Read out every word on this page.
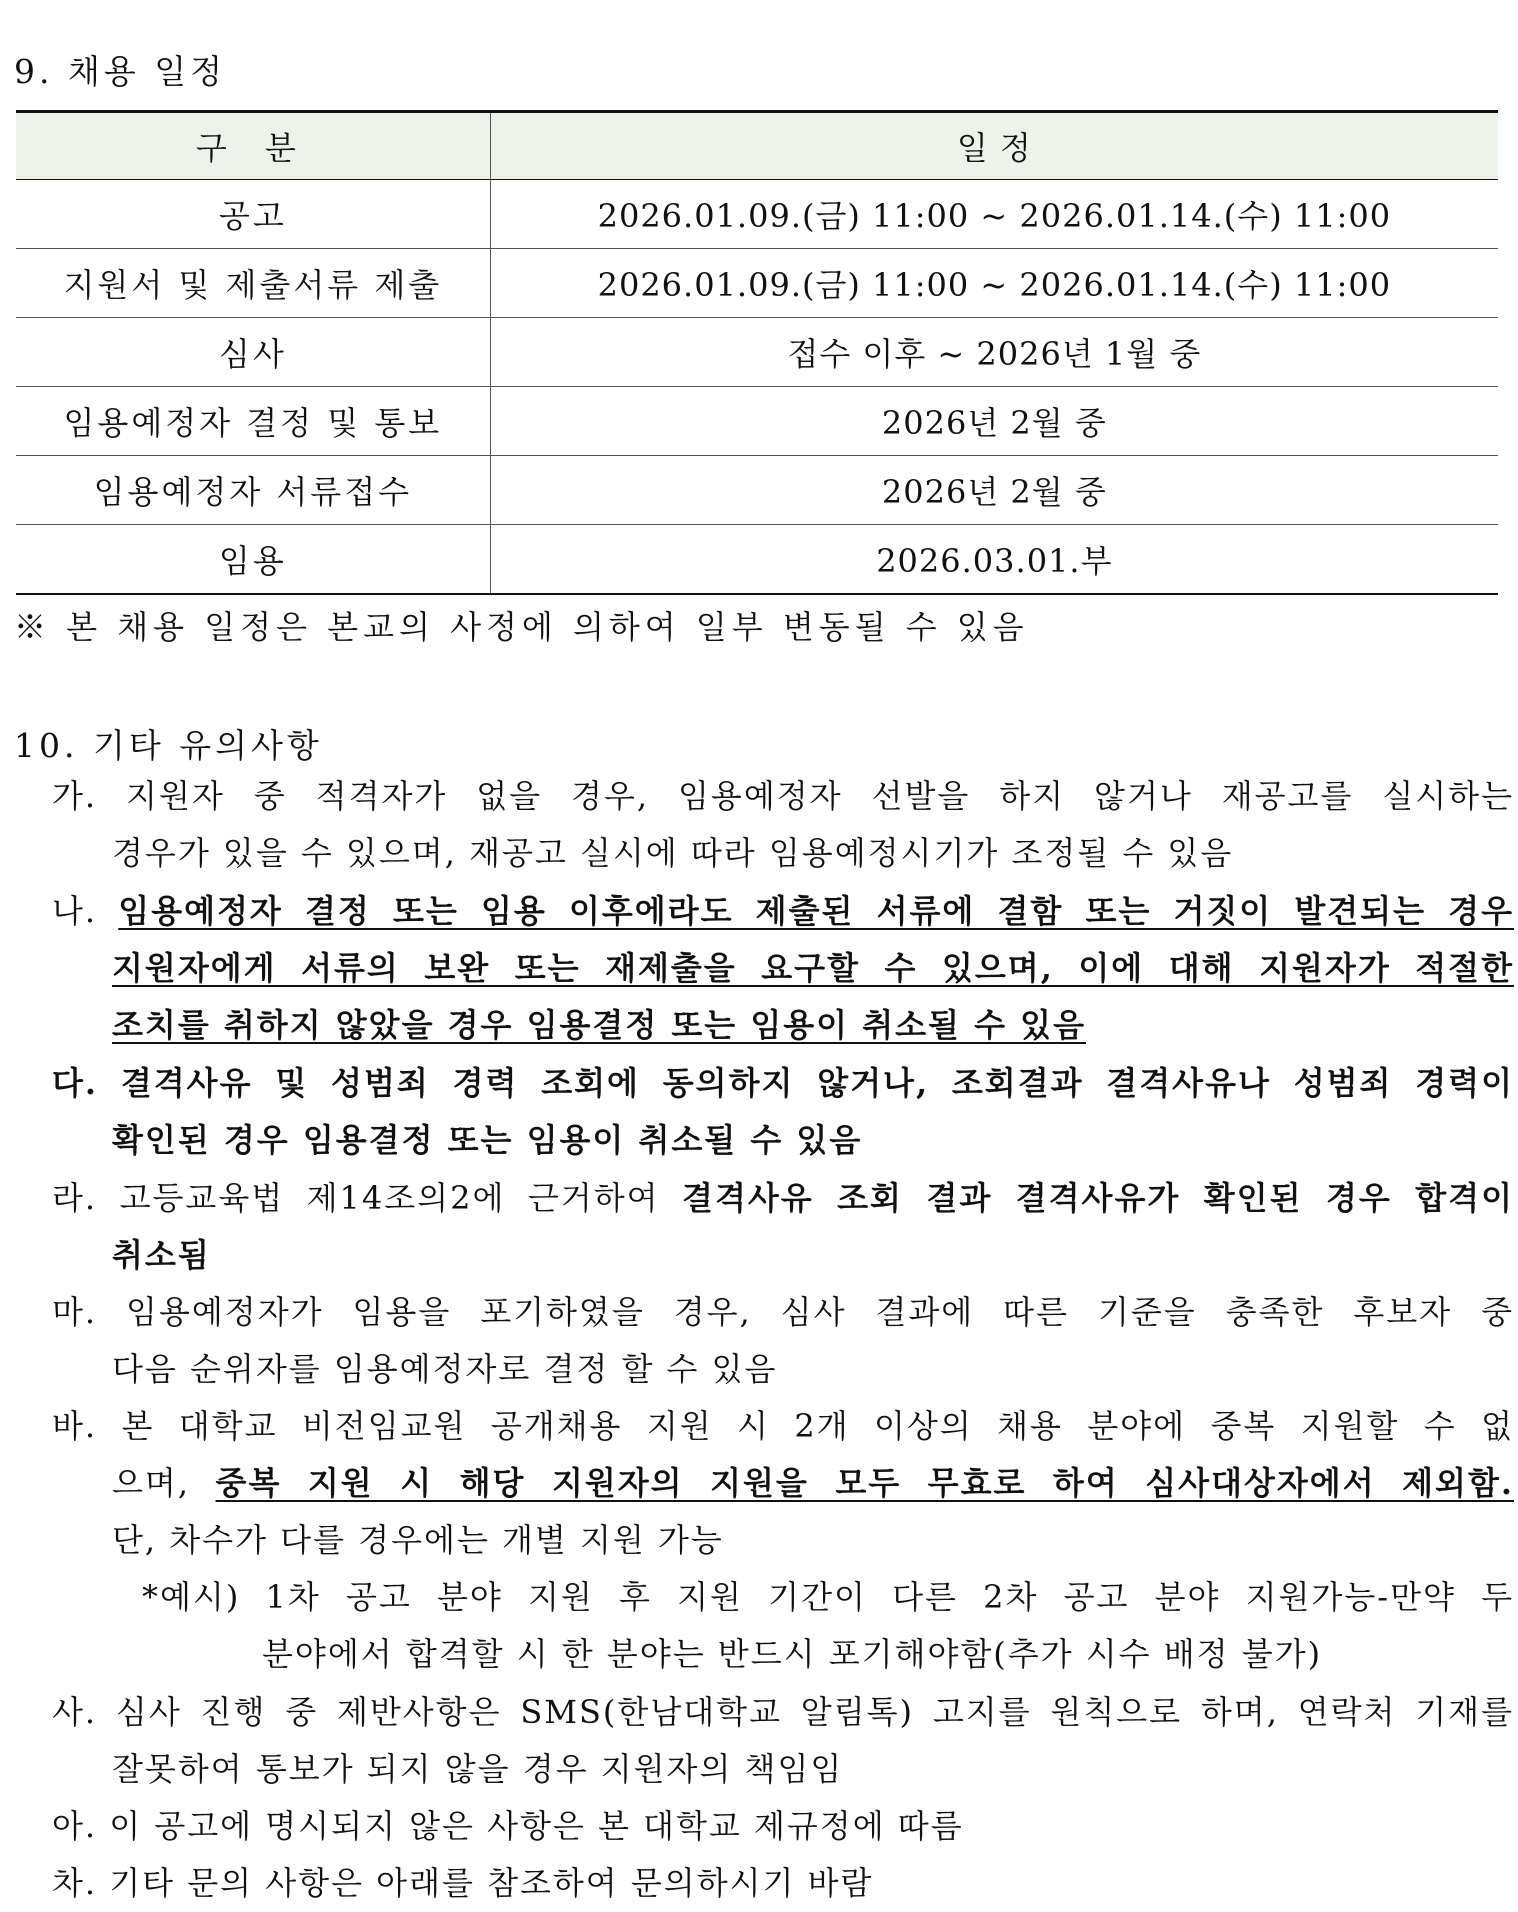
9. 채용 일정
구 분	일 정
공고	2026.01.09.(금) 11:00 ~ 2026.01.14.(수) 11:00
지원서 및 제출서류 제출	2026.01.09.(금) 11:00 ~ 2026.01.14.(수) 11:00
심사	접수 이후 ~ 2026년 1월 중
임용예정자 결정 및 통보	2026년 2월 중
임용예정자 서류접수	2026년 2월 중
임용	2026.03.01.부
※ 본 채용 일정은 본교의 사정에 의하여 일부 변동될 수 있음
10. 기타 유의사항
가. 지원자 중 적격자가 없을 경우, 임용예정자 선발을 하지 않거나 재공고를 실시하는
경우가 있을 수 있으며, 재공고 실시에 따라 임용예정시기가 조정될 수 있음
나. 임용예정자 결정 또는 임용 이후에라도 제출된 서류에 결함 또는 거짓이 발견되는 경우
지원자에게 서류의 보완 또는 재제출을 요구할 수 있으며, 이에 대해 지원자가 적절한
조치를 취하지 않았을 경우 임용결정 또는 임용이 취소될 수 있음
다. 결격사유 및 성범죄 경력 조회에 동의하지 않거나, 조회결과 결격사유나 성범죄 경력이
확인된 경우 임용결정 또는 임용이 취소될 수 있음
라. 고등교육법 제14조의2에 근거하여 결격사유 조회 결과 결격사유가 확인된 경우 합격이
취소됨
마. 임용예정자가 임용을 포기하였을 경우, 심사 결과에 따른 기준을 충족한 후보자 중
다음 순위자를 임용예정자로 결정 할 수 있음
바. 본 대학교 비전임교원 공개채용 지원 시 2개 이상의 채용 분야에 중복 지원할 수 없
으며, 중복 지원 시 해당 지원자의 지원을 모두 무효로 하여 심사대상자에서 제외함.
단, 차수가 다를 경우에는 개별 지원 가능
*예시) 1차 공고 분야 지원 후 지원 기간이 다른 2차 공고 분야 지원가능-만약 두
분야에서 합격할 시 한 분야는 반드시 포기해야함(추가 시수 배정 불가)
사. 심사 진행 중 제반사항은 SMS(한남대학교 알림톡) 고지를 원칙으로 하며, 연락처 기재를
잘못하여 통보가 되지 않을 경우 지원자의 책임임
아. 이 공고에 명시되지 않은 사항은 본 대학교 제규정에 따름
차. 기타 문의 사항은 아래를 참조하여 문의하시기 바람
